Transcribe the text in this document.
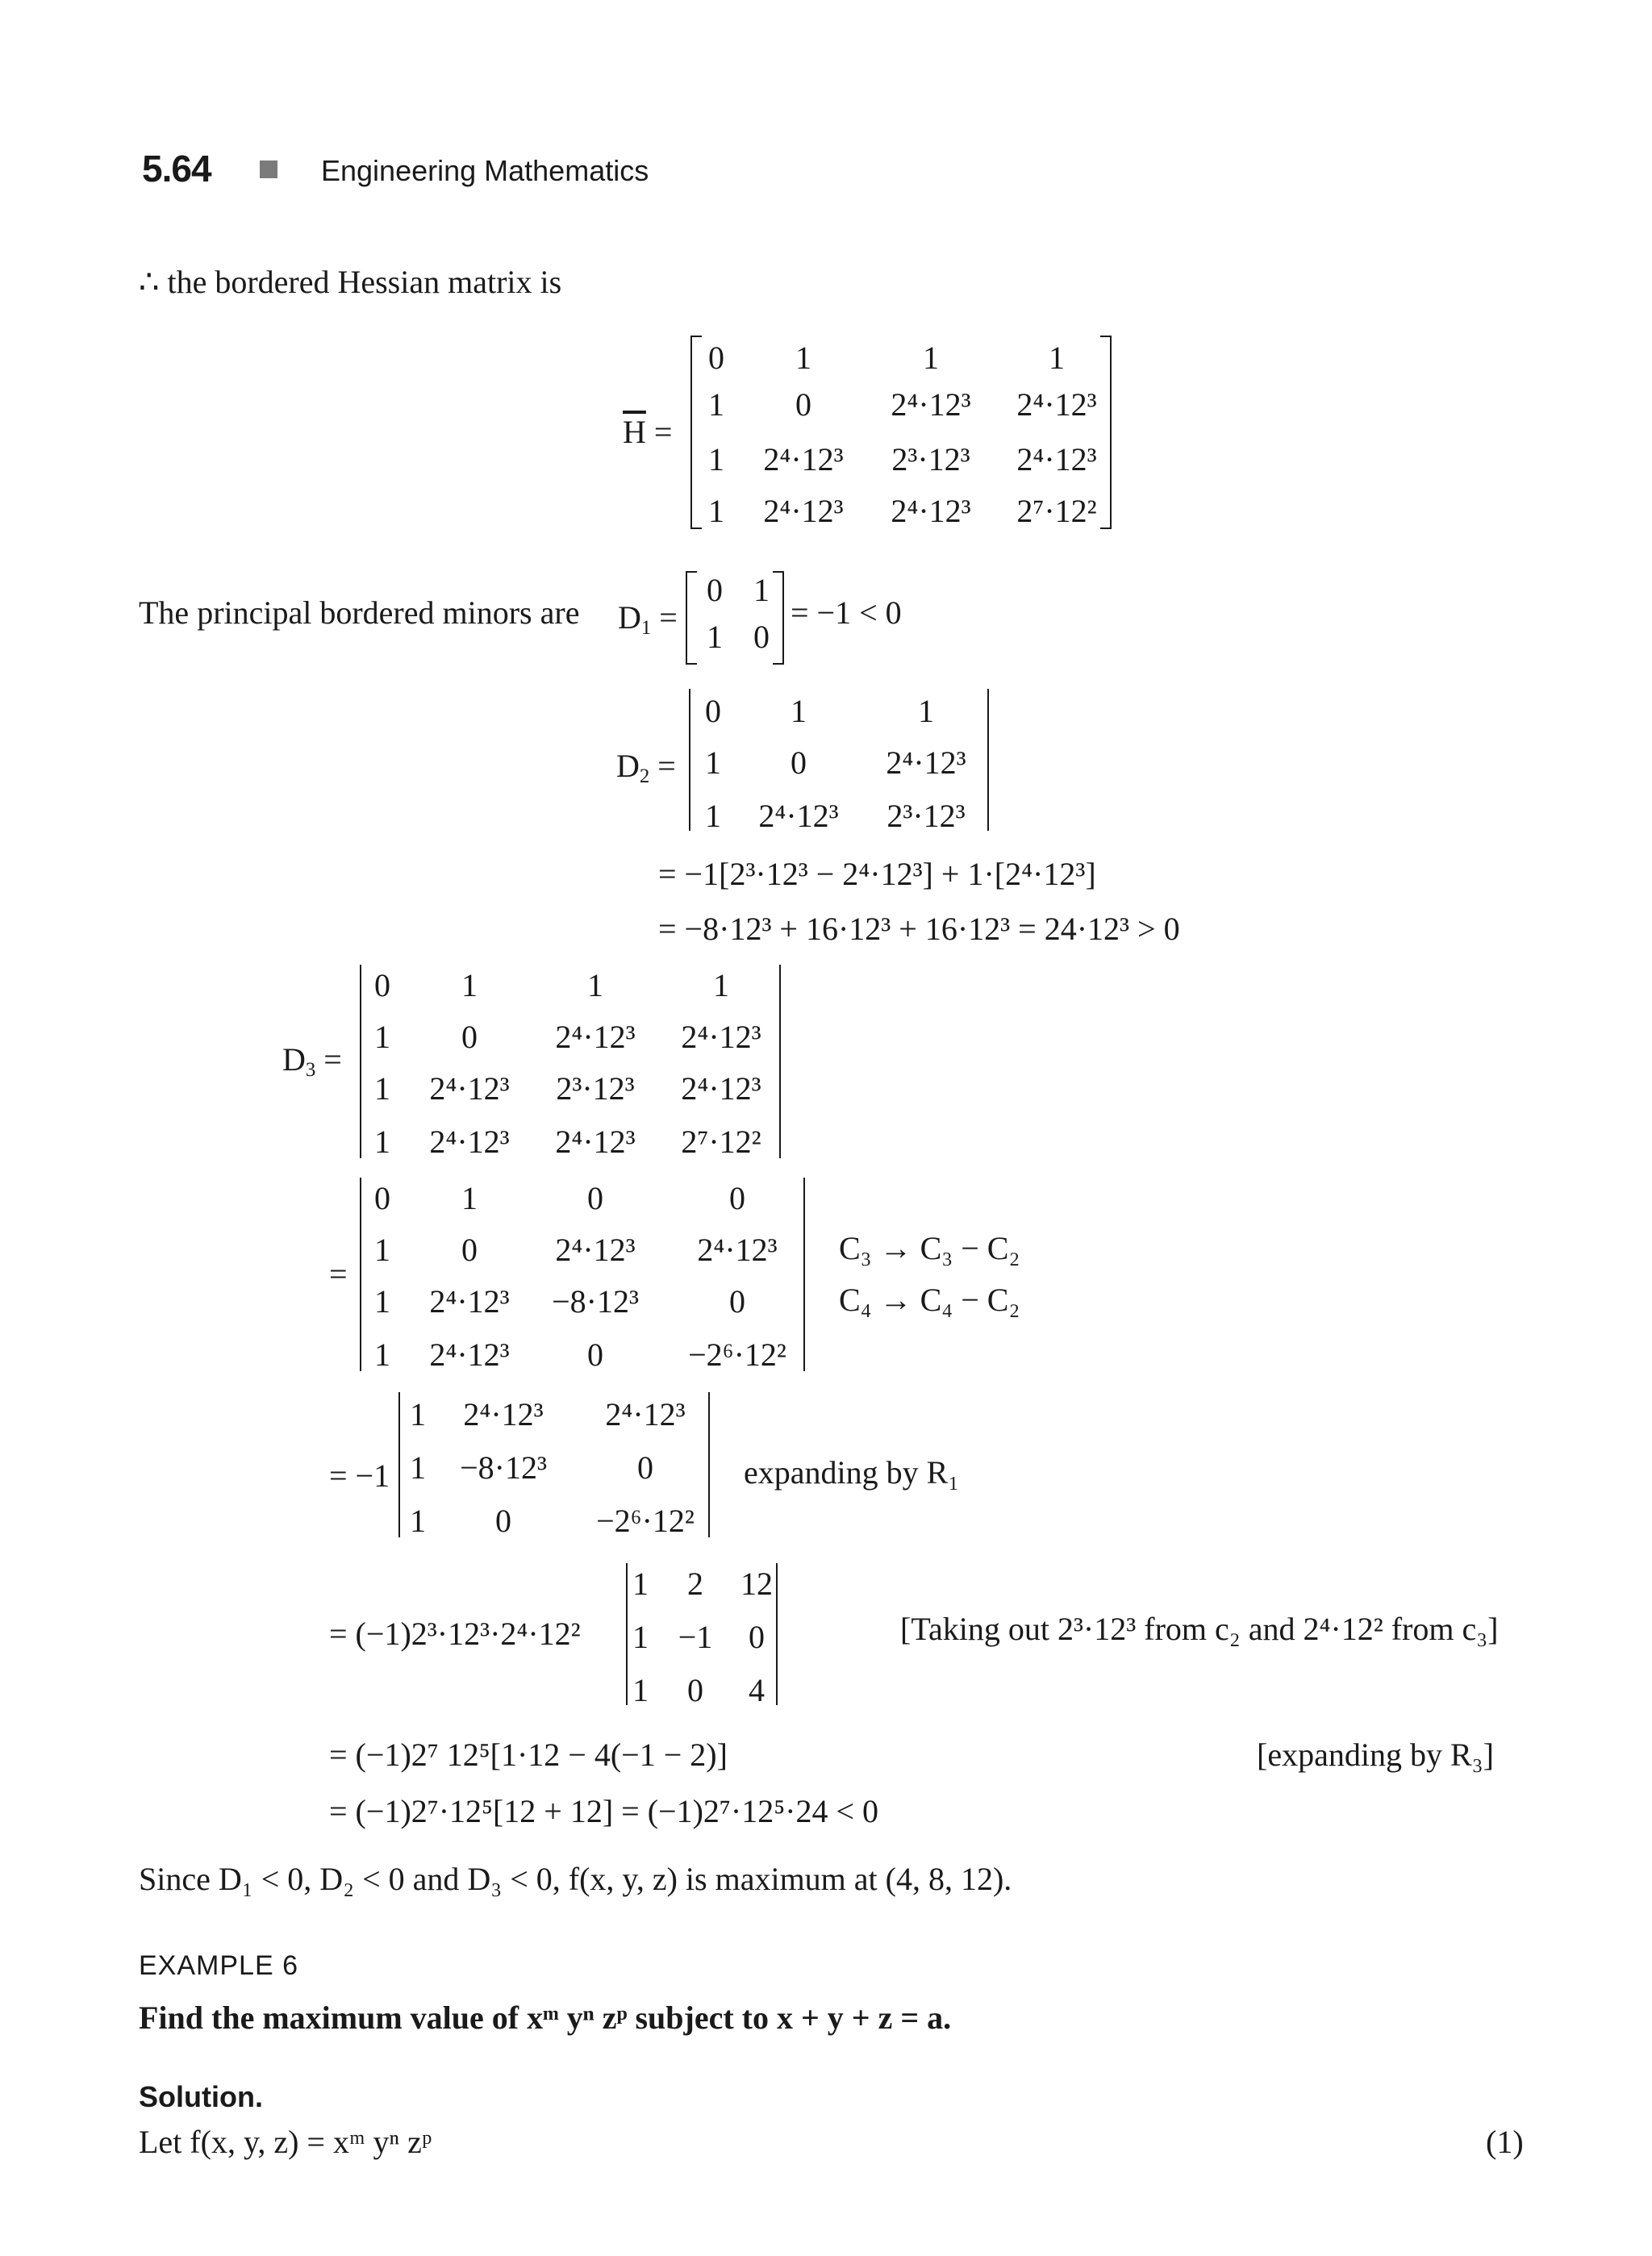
5.64	Engineering Mathematics
∴ the bordered Hessian matrix is
$\overline{H}$ =
0 1	1	1
1 0 2⁴·12³ 2⁴·12³
1 2⁴·12³ 2³·12³ 2⁴·12³
1 2⁴·12³ 2⁴·12³ 2⁷·12²
The principal bordered minors are $D_1$ =
0 1
1 0
= −1 < 0
$D_2$ =
0 1	1
1 0 2⁴·12³
1 2⁴·12³ 2³·12³
= −1[2³·12³ − 2⁴·12³] + 1·[2⁴·12³]
= −8·12³ + 16·12³ + 16·12³ = 24·12³ > 0
$D_3$ =
0 1	1	1
1 0 2⁴·12³ 2⁴·12³
1 2⁴·12³ 2³·12³ 2⁴·12³
1 2⁴·12³ 2⁴·12³ 2⁷·12²
=
0 1	0	0
1 0 2⁴·12³ 2⁴·12³
1 2⁴·12³ −8·12³	0
1 2⁴·12³ 0	−2⁶·12²
C₃ → C₃ − C₂
C₄ → C₄ − C₂
= −1
1 2⁴·12³ 2⁴·12³
1 −8·12³	0
1 0	−2⁶·12²
expanding by R₁
= (−1)2³·12³·2⁴·12²
1 2 12
1 −1 0
1 0 4
[Taking out 2³·12³ from c₂ and 2⁴·12² from c₃]
= (−1)2⁷ 12⁵[1·12 − 4(−1 − 2)]	[expanding by R₃]
= (−1)2⁷·12⁵[12 + 12] = (−1)2⁷·12⁵·24 < 0
Since D₁ < 0, D₂ < 0 and D₃ < 0, f(x, y, z) is maximum at (4, 8, 12).
EXAMPLE 6
Find the maximum value of xᵐ yⁿ zᵖ subject to x + y + z = a.
Solution.
Let f(x, y, z) = xᵐ yⁿ zᵖ	(1)
